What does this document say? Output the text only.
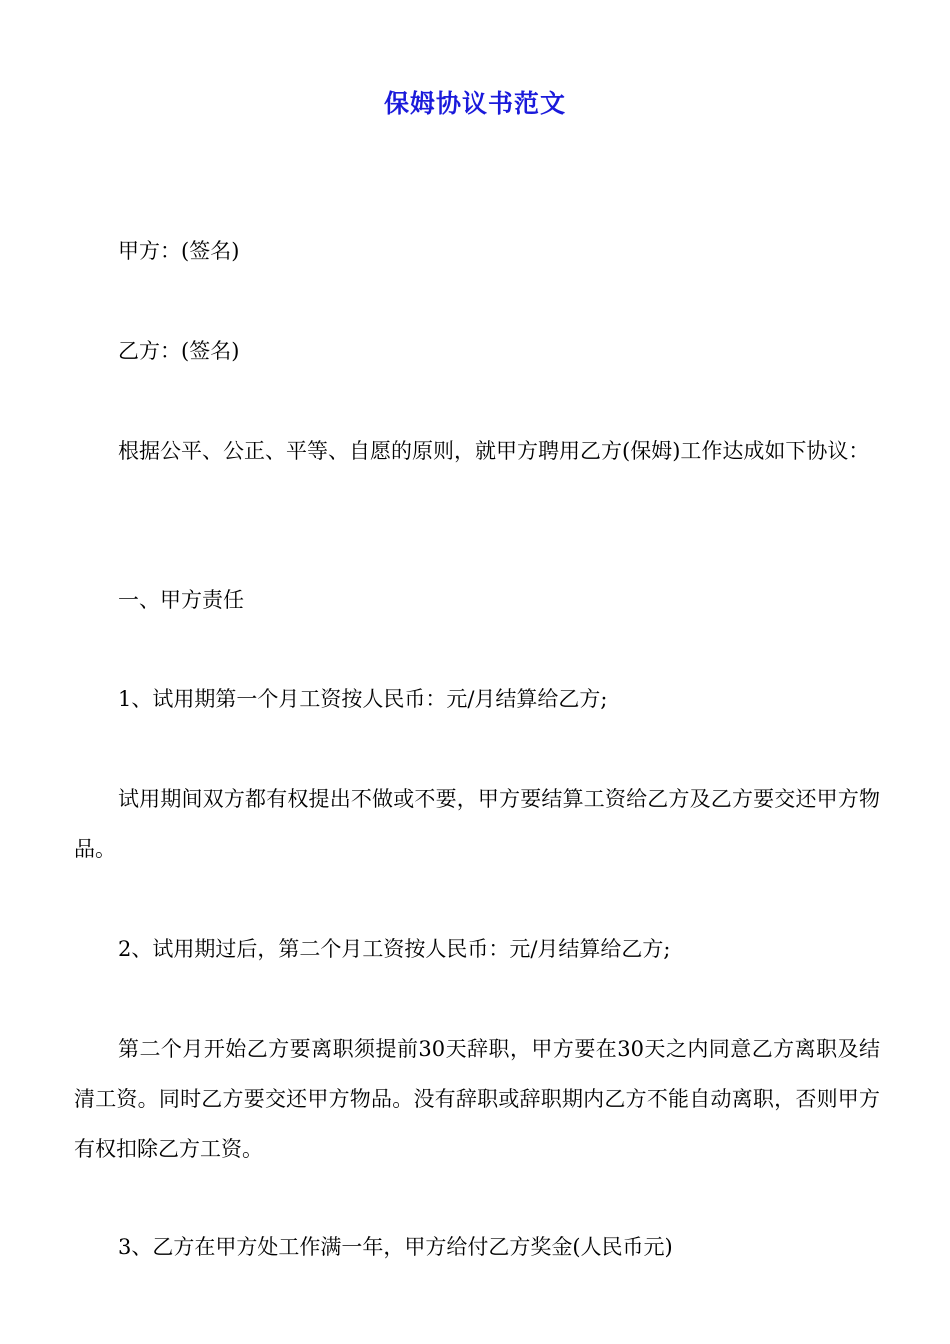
保姆协议书范文

甲方：(签名)

乙方：(签名)

根据公平、公正、平等、自愿的原则，就甲方聘用乙方(保姆)工作达成如下协议：

一、甲方责任

1、试用期第一个月工资按人民币：元/月结算给乙方;

试用期间双方都有权提出不做或不要，甲方要结算工资给乙方及乙方要交还甲方物品。

2、试用期过后，第二个月工资按人民币：元/月结算给乙方;

第二个月开始乙方要离职须提前30天辞职，甲方要在30天之内同意乙方离职及结清工资。同时乙方要交还甲方物品。没有辞职或辞职期内乙方不能自动离职，否则甲方有权扣除乙方工资。

3、乙方在甲方处工作满一年，甲方给付乙方奖金(人民币元)
